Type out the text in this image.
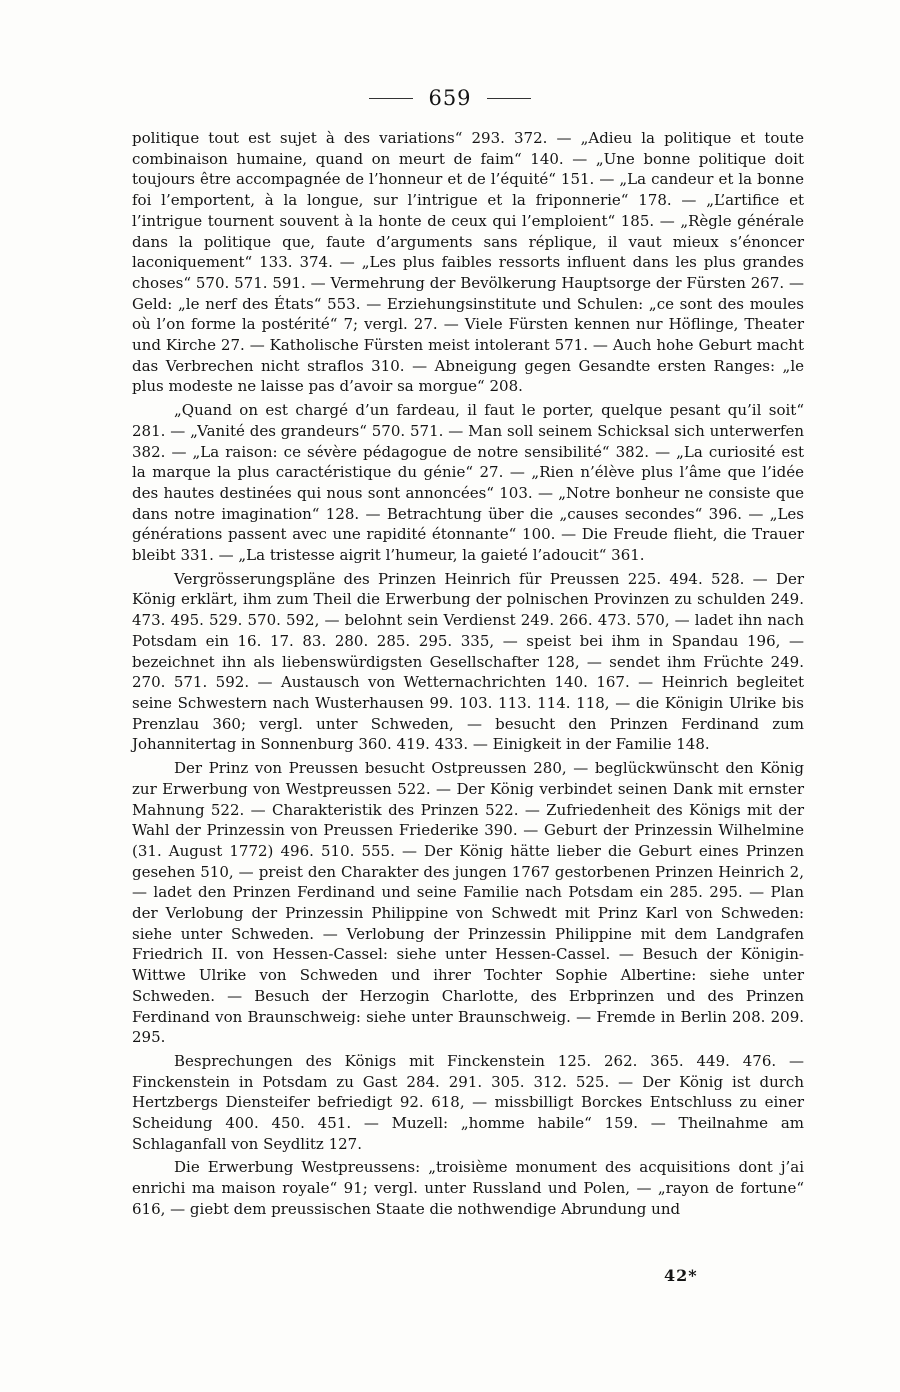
659

politique tout est sujet à des variations“ 293. 372. — „Adieu la politique et toute combinaison humaine, quand on meurt de faim“ 140. — „Une bonne politique doit toujours être accompagnée de l’honneur et de l’équité“ 151. — „La candeur et la bonne foi l’emportent, à la longue, sur l’intrigue et la friponnerie“ 178. — „L’artifice et l’intrigue tournent souvent à la honte de ceux qui l’emploient“ 185. — „Règle générale dans la politique que, faute d’arguments sans réplique, il vaut mieux s’énoncer laconiquement“ 133. 374. — „Les plus faibles ressorts influent dans les plus grandes choses“ 570. 571. 591. — Vermehrung der Bevölkerung Hauptsorge der Fürsten 267. — Geld: „le nerf des États“ 553. — Erziehungsinstitute und Schulen: „ce sont des moules où l’on forme la postérité“ 7; vergl. 27. — Viele Fürsten kennen nur Höflinge, Theater und Kirche 27. — Katholische Fürsten meist intolerant 571. — Auch hohe Geburt macht das Verbrechen nicht straflos 310. — Abneigung gegen Gesandte ersten Ranges: „le plus modeste ne laisse pas d’avoir sa morgue“ 208.

„Quand on est chargé d’un fardeau, il faut le porter, quelque pesant qu’il soit“ 281. — „Vanité des grandeurs“ 570. 571. — Man soll seinem Schicksal sich unterwerfen 382. — „La raison: ce sévère pédagogue de notre sensibilité“ 382. — „La curiosité est la marque la plus caractéristique du génie“ 27. — „Rien n’élève plus l’âme que l’idée des hautes destinées qui nous sont annoncées“ 103. — „Notre bonheur ne consiste que dans notre imagination“ 128. — Betrachtung über die „causes secondes“ 396. — „Les générations passent avec une rapidité étonnante“ 100. — Die Freude flieht, die Trauer bleibt 331. — „La tristesse aigrit l’humeur, la gaieté l’adoucit“ 361.

Vergrösserungspläne des Prinzen Heinrich für Preussen 225. 494. 528. — Der König erklärt, ihm zum Theil die Erwerbung der polnischen Provinzen zu schulden 249. 473. 495. 529. 570. 592, — belohnt sein Verdienst 249. 266. 473. 570, — ladet ihn nach Potsdam ein 16. 17. 83. 280. 285. 295. 335, — speist bei ihm in Spandau 196, — bezeichnet ihn als liebenswürdigsten Gesellschafter 128, — sendet ihm Früchte 249. 270. 571. 592. — Austausch von Wetternachrichten 140. 167. — Heinrich begleitet seine Schwestern nach Wusterhausen 99. 103. 113. 114. 118, — die Königin Ulrike bis Prenzlau 360; vergl. unter Schweden, — besucht den Prinzen Ferdinand zum Johannitertag in Sonnenburg 360. 419. 433. — Einigkeit in der Familie 148.

Der Prinz von Preussen besucht Ostpreussen 280, — beglückwünscht den König zur Erwerbung von Westpreussen 522. — Der König verbindet seinen Dank mit ernster Mahnung 522. — Charakteristik des Prinzen 522. — Zufriedenheit des Königs mit der Wahl der Prinzessin von Preussen Friederike 390. — Geburt der Prinzessin Wilhelmine (31. August 1772) 496. 510. 555. — Der König hätte lieber die Geburt eines Prinzen gesehen 510, — preist den Charakter des jungen 1767 gestorbenen Prinzen Heinrich 2, — ladet den Prinzen Ferdinand und seine Familie nach Potsdam ein 285. 295. — Plan der Verlobung der Prinzessin Philippine von Schwedt mit Prinz Karl von Schweden: siehe unter Schweden. — Verlobung der Prinzessin Philippine mit dem Landgrafen Friedrich II. von Hessen-Cassel: siehe unter Hessen-Cassel. — Besuch der Königin-Wittwe Ulrike von Schweden und ihrer Tochter Sophie Albertine: siehe unter Schweden. — Besuch der Herzogin Charlotte, des Erbprinzen und des Prinzen Ferdinand von Braunschweig: siehe unter Braunschweig. — Fremde in Berlin 208. 209. 295.

Besprechungen des Königs mit Finckenstein 125. 262. 365. 449. 476. — Finckenstein in Potsdam zu Gast 284. 291. 305. 312. 525. — Der König ist durch Hertzbergs Diensteifer befriedigt 92. 618, — missbilligt Borckes Entschluss zu einer Scheidung 400. 450. 451. — Muzell: „homme habile“ 159. — Theilnahme am Schlaganfall von Seydlitz 127.

Die Erwerbung Westpreussens: „troisième monument des acquisitions dont j’ai enrichi ma maison royale“ 91; vergl. unter Russland und Polen, — „rayon de fortune“ 616, — giebt dem preussischen Staate die nothwendige Abrundung und

42*
